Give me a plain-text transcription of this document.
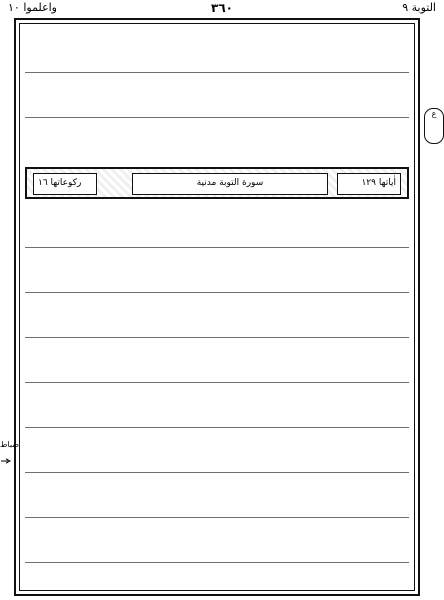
واعلموا ١٠	٣٦٠	التوبة ٩
ركوعاتها ١٦	سورة التوبة مدنية	اٰياتها ١٢٩
ع
ضباط
